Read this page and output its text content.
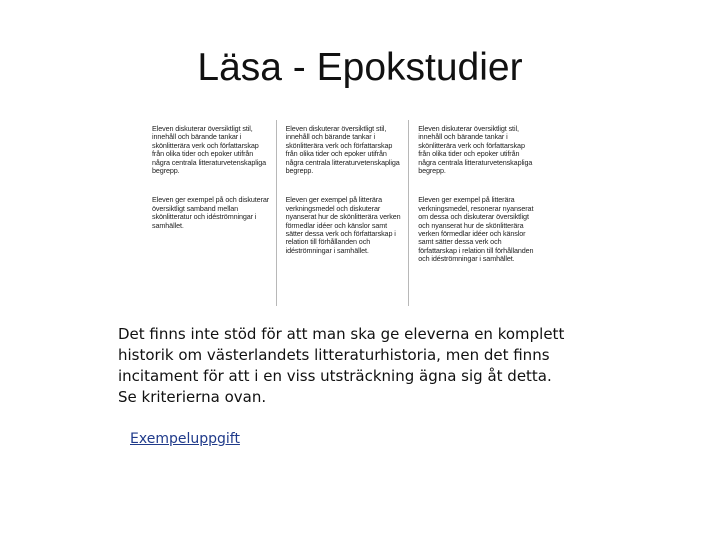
Läsa - Epokstudier

Eleven diskuterar översiktligt stil, innehåll och bärande tankar i skönlitterära verk och författarskap från olika tider och epoker utifrån några centrala litteraturvetenskapliga begrepp.

Eleven ger exempel på och diskuterar översiktligt samband mellan skönlitteratur och idéströmningar i samhället.

Eleven diskuterar översiktligt stil, innehåll och bärande tankar i skönlitterära verk och författarskap från olika tider och epoker utifrån några centrala litteraturvetenskapliga begrepp.

Eleven ger exempel på litterära verkningsmedel och diskuterar nyanserat hur de skönlitterära verken förmedlar idéer och känslor samt sätter dessa verk och författarskap i relation till förhållanden och idéströmningar i samhället.

Eleven diskuterar översiktligt stil, innehåll och bärande tankar i skönlitterära verk och författarskap från olika tider och epoker utifrån några centrala litteraturvetenskapliga begrepp.

Eleven ger exempel på litterära verkningsmedel, resonerar nyanserat om dessa och diskuterar översiktligt och nyanserat hur de skönlitterära verken förmedlar idéer och känslor samt sätter dessa verk och författarskap i relation till förhållanden och idéströmningar i samhället.

Det finns inte stöd för att man ska ge eleverna en komplett historik om västerlandets litteraturhistoria, men det finns incitament för att i en viss utsträckning ägna sig åt detta. Se kriterierna ovan.

Exempeluppgift
